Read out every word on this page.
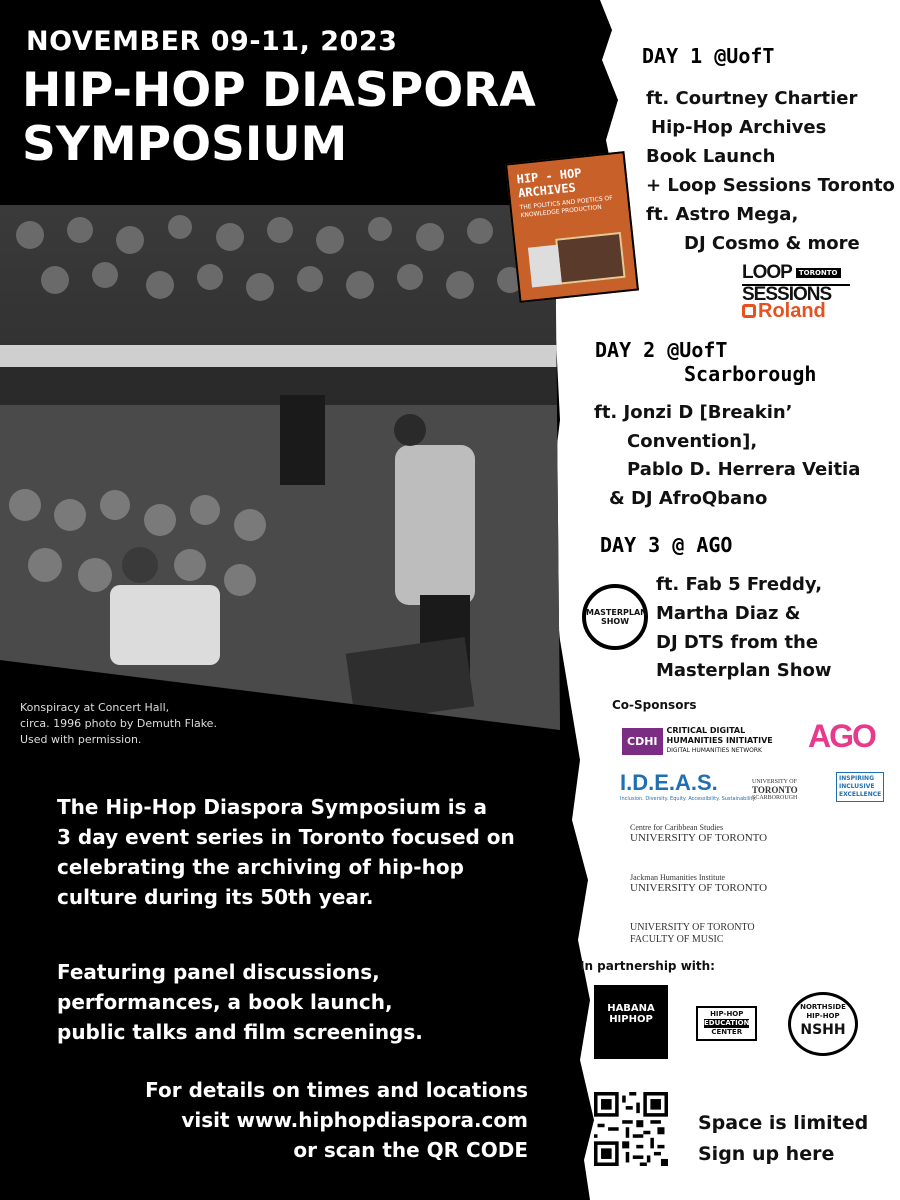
NOVEMBER 09-11, 2023
HIP-HOP DIASPORA
SYMPOSIUM
Konspiracy at Concert Hall,
circa. 1996 photo by Demuth Flake.
Used with permission.
The Hip-Hop Diaspora Symposium is a
3 day event series in Toronto focused on
celebrating the archiving of hip-hop
culture during its 50th year.
Featuring panel discussions,
performances, a book launch,
public talks and film screenings.
For details on times and locations
visit www.hiphopdiaspora.com
or scan the QR CODE
DAY 1 @UofT
ft. Courtney Chartier
Hip-Hop Archives
Book Launch
+ Loop Sessions Toronto
ft. Astro Mega,
DJ Cosmo & more
HIP - HOP ARCHIVES
THE POLITICS AND POETICS OF KNOWLEDGE PRODUCTION
LOOP	TORONTO
SESSIONS
Roland
DAY 2 @UofT
Scarborough
ft. Jonzi D [Breakin’
Convention],
Pablo D. Herrera Veitia
& DJ AfroQbano
DAY 3 @ AGO
ft. Fab 5 Freddy,
Martha Diaz &
DJ DTS from the
Masterplan Show
MASTERPLAN
SHOW
Co-Sponsors
CDHI
CRITICAL DIGITAL
HUMANITIES INITIATIVE
DIGITAL HUMANITIES NETWORK	AGO
I.D.E.A.S.
Inclusion. Diversity. Equity. Accessibility. Sustainability.
UNIVERSITY OF
TORONTO
SCARBOROUGH
INSPIRING
INCLUSIVE
EXCELLENCE
Centre for Caribbean Studies
UNIVERSITY OF TORONTO
Jackman Humanities Institute
UNIVERSITY OF TORONTO
UNIVERSITY OF TORONTO
FACULTY OF MUSIC
In partnership with:
HABANA
HIPHOP	HIP-HOP
EDUCATION
CENTER
NORTHSIDE
HIP-HOP
NSHH
Space is limited
Sign up here
